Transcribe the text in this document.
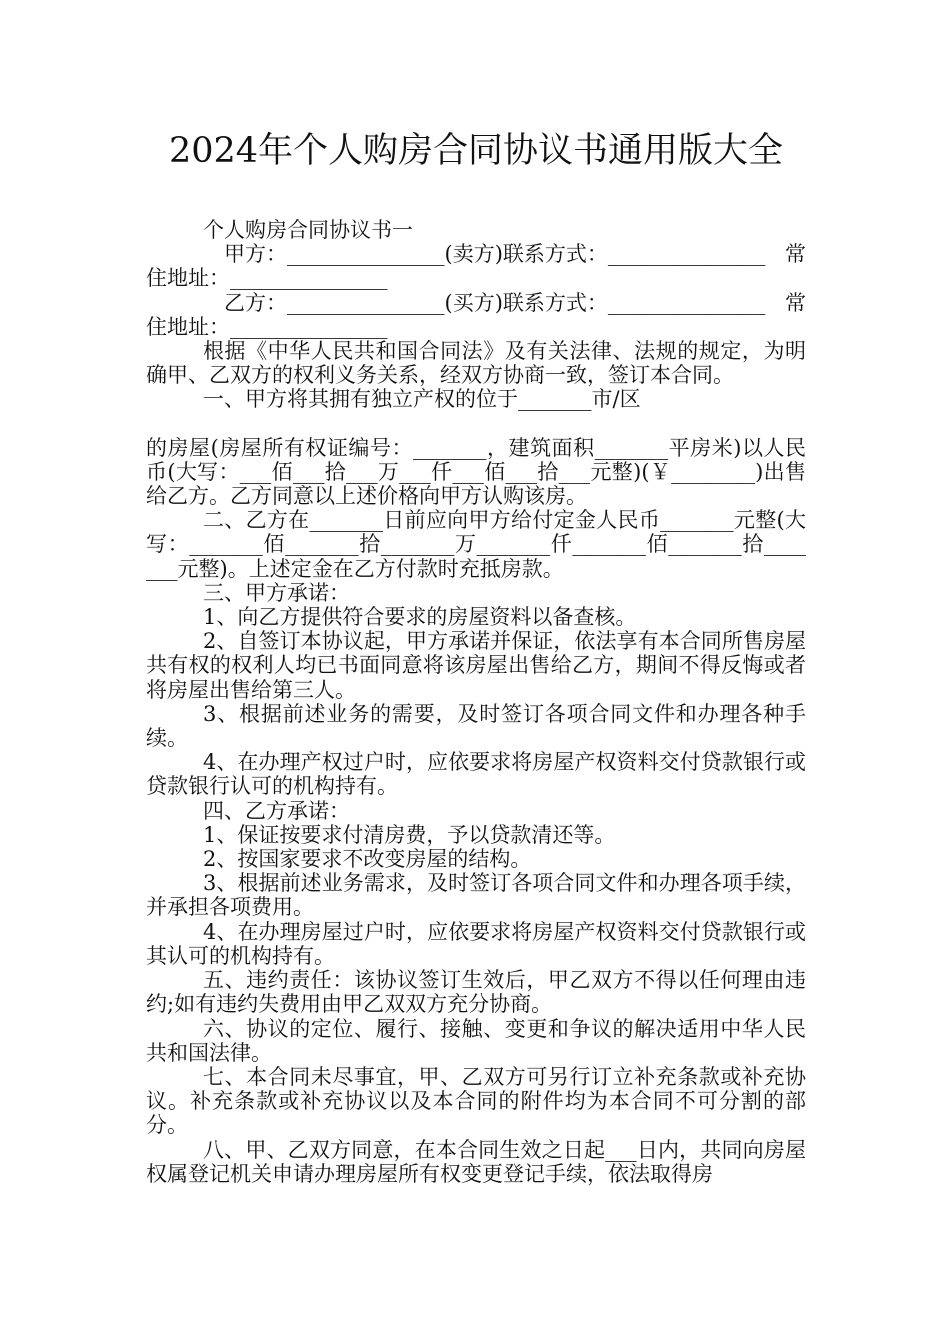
2024年个人购房合同协议书通用版大全

个人购房合同协议书一

　甲方：_______________(卖方)联系方式：_______________ 常

住地址：_______________

　乙方：_______________(买方)联系方式：_______________ 常

住地址：_______________

根据《中华人民共和国合同法》及有关法律、法规的规定，为明确甲、乙双方的权利义务关系，经双方协商一致，签订本合同。

一、甲方将其拥有独立产权的位于_______市/区

的房屋(房屋所有权证编号：_______，建筑面积_______平房米)以人民币(大写：___佰___拾___万___仟___佰___拾___元整)(￥________)出售给乙方。乙方同意以上述价格向甲方认购该房。

二、乙方在_______日前应向甲方给付定金人民币_______元整(大写：_______佰_______拾_______万_______仟_______佰_______拾_______元整)。上述定金在乙方付款时充抵房款。

三、甲方承诺：

1、向乙方提供符合要求的房屋资料以备查核。

2、自签订本协议起，甲方承诺并保证，依法享有本合同所售房屋共有权的权利人均已书面同意将该房屋出售给乙方，期间不得反悔或者将房屋出售给第三人。

3、根据前述业务的需要，及时签订各项合同文件和办理各种手续。

4、在办理产权过户时，应依要求将房屋产权资料交付贷款银行或贷款银行认可的机构持有。

四、乙方承诺：

1、保证按要求付清房费，予以贷款清还等。

2、按国家要求不改变房屋的结构。

3、根据前述业务需求，及时签订各项合同文件和办理各项手续，并承担各项费用。

4、在办理房屋过户时，应依要求将房屋产权资料交付贷款银行或其认可的机构持有。

五、违约责任：该协议签订生效后，甲乙双方不得以任何理由违约;如有违约失费用由甲乙双双方充分协商。

六、协议的定位、履行、接触、变更和争议的解决适用中华人民共和国法律。

七、本合同未尽事宜，甲、乙双方可另行订立补充条款或补充协议。补充条款或补充协议以及本合同的附件均为本合同不可分割的部分。

八、甲、乙双方同意，在本合同生效之日起___日内，共同向房屋权属登记机关申请办理房屋所有权变更登记手续，依法取得房
